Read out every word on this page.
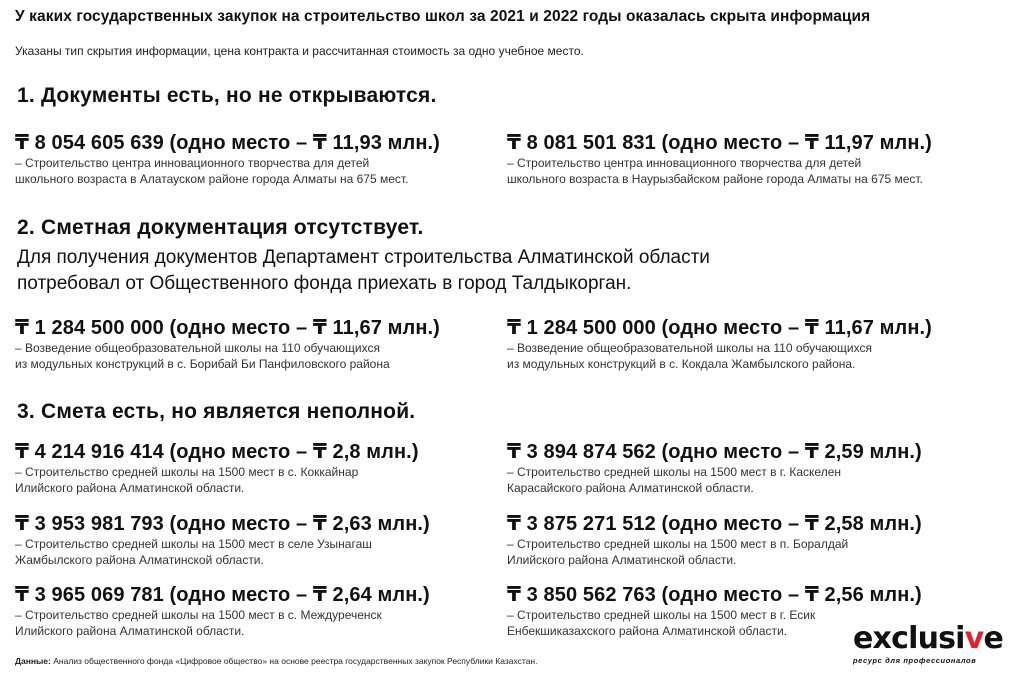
У каких государственных закупок на строительство школ за 2021 и 2022 годы оказалась скрыта информация
Указаны тип скрытия информации, цена контракта и рассчитанная стоимость за одно учебное место.
1. Документы есть, но не открываются.
₸ 8 054 605 639 (одно место – ₸ 11,93 млн.)
– Строительство центра инновационного творчества для детей
школьного возраста в Алатауском районе города Алматы на 675 мест.
₸ 8 081 501 831 (одно место – ₸ 11,97 млн.)
– Строительство центра инновационного творчества для детей
школьного возраста в Наурызбайском районе города Алматы на 675 мест.
2. Сметная документация отсутствует.
Для получения документов Департамент строительства Алматинской области
потребовал от Общественного фонда приехать в город Талдыкорган.
₸ 1 284 500 000 (одно место – ₸ 11,67 млн.)
– Возведение общеобразовательной школы на 110 обучающихся
из модульных конструкций в с. Борибай Би Панфиловского района
₸ 1 284 500 000 (одно место – ₸ 11,67 млн.)
– Возведение общеобразовательной школы на 110 обучающихся
из модульных конструкций в с. Кокдала Жамбылского района.
3. Смета есть, но является неполной.
₸ 4 214 916 414 (одно место – ₸ 2,8 млн.)
– Строительство средней школы на 1500 мест в с. Коккайнар
Илийского района Алматинской области.
₸ 3 894 874 562 (одно место – ₸ 2,59 млн.)
– Строительство средней школы на 1500 мест в г. Каскелен
Карасайского района Алматинской области.
₸ 3 953 981 793 (одно место – ₸ 2,63 млн.)
– Строительство средней школы на 1500 мест в селе Узынагаш
Жамбылского района Алматинской области.
₸ 3 875 271 512 (одно место – ₸ 2,58 млн.)
– Строительство средней школы на 1500 мест в п. Боралдай
Илийского района Алматинской области.
₸ 3 965 069 781 (одно место – ₸ 2,64 млн.)
– Строительство средней школы на 1500 мест в с. Междуреченск
Илийского района Алматинской области.
₸ 3 850 562 763 (одно место – ₸ 2,56 млн.)
– Строительство средней школы на 1500 мест в г. Есик
Енбекшиказахского района Алматинской области.
Данные: Анализ общественного фонда «Цифровое общество» на основе реестра государственных закупок Республики Казахстан.
exclusive
ресурс для профессионалов
